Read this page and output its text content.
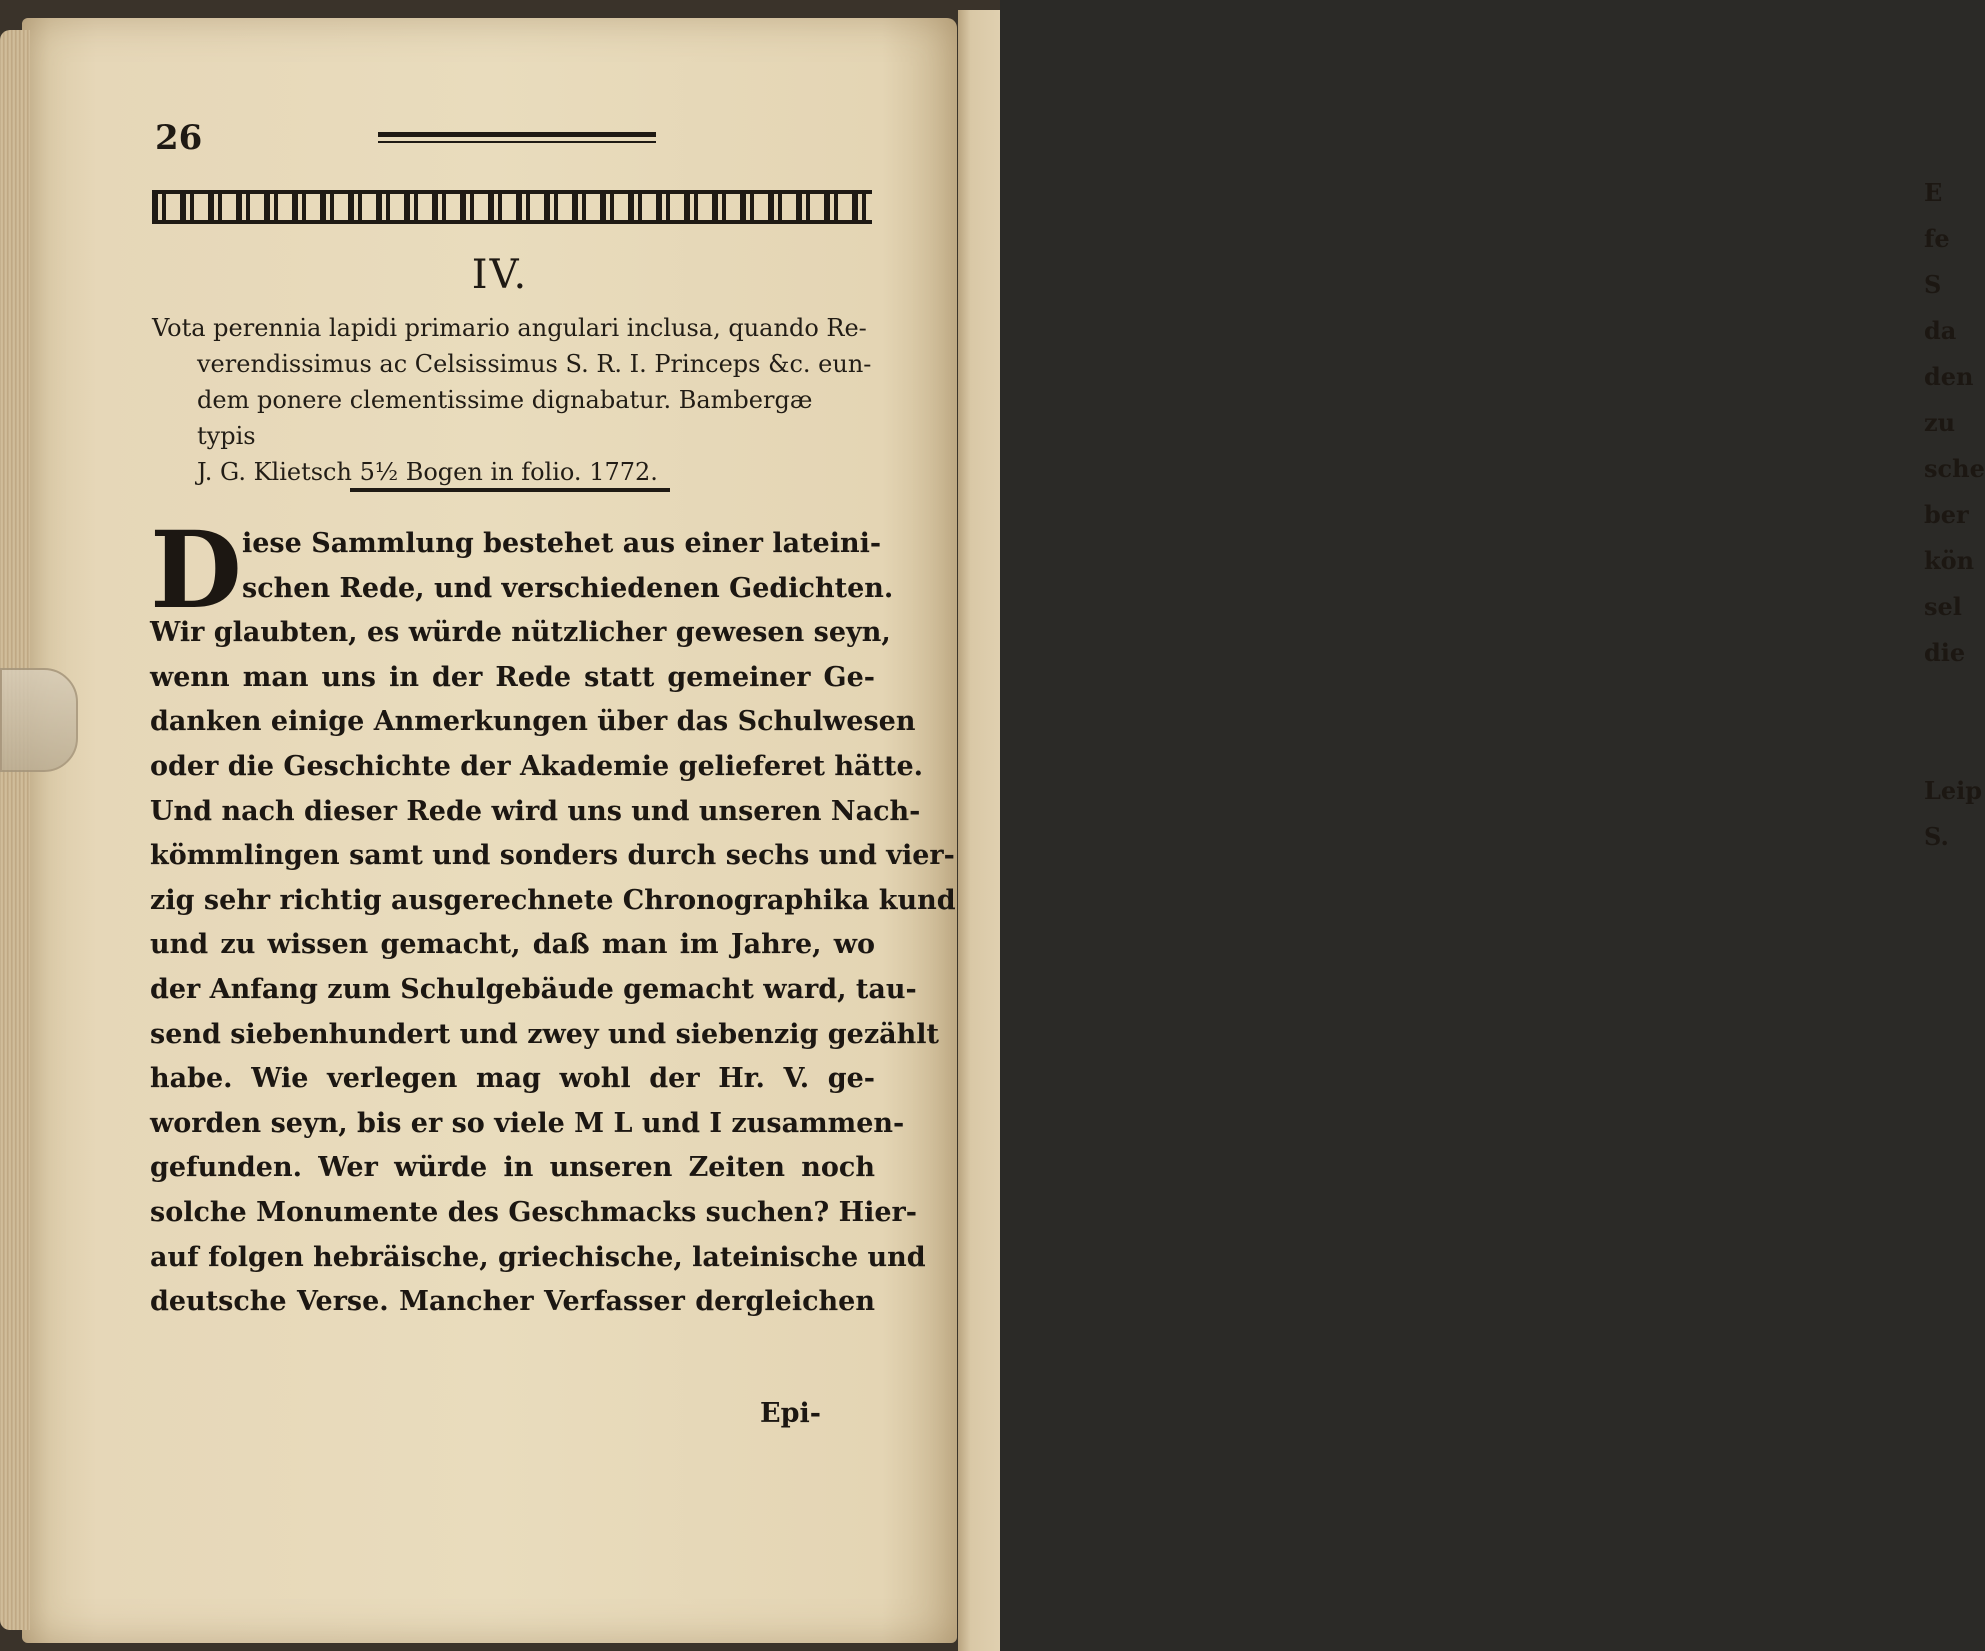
E
fe
S
da
den
zu
sche
ber
kön
sel
die

Leip
S.
26
IV.

Vota perennia lapidi primario angulari inclusa, quando Re-

verendissimus ac Celsissimus S. R. I. Princeps &c. eun-

dem ponere clementissime dignabatur. Bambergæ typis

J. G. Klietsch 5½ Bogen in folio. 1772.

D iese Sammlung bestehet aus einer lateini-
schen Rede, und verschiedenen Gedichten.
Wir glaubten, es würde nützlicher gewesen seyn,
wenn man uns in der Rede statt gemeiner Ge-
danken einige Anmerkungen über das Schulwesen
oder die Geschichte der Akademie gelieferet hätte.
Und nach dieser Rede wird uns und unseren Nach-
kömmlingen samt und sonders durch sechs und vier-
zig sehr richtig ausgerechnete Chronographika kund
und zu wissen gemacht, daß man im Jahre, wo
der Anfang zum Schulgebäude gemacht ward, tau-
send siebenhundert und zwey und siebenzig gezählt
habe. Wie verlegen mag wohl der Hr. V. ge-
worden seyn, bis er so viele M L und I zusammen-
gefunden. Wer würde in unseren Zeiten noch
solche Monumente des Geschmacks suchen? Hier-
auf folgen hebräische, griechische, lateinische und
deutsche Verse. Mancher Verfasser dergleichen
Epi-
